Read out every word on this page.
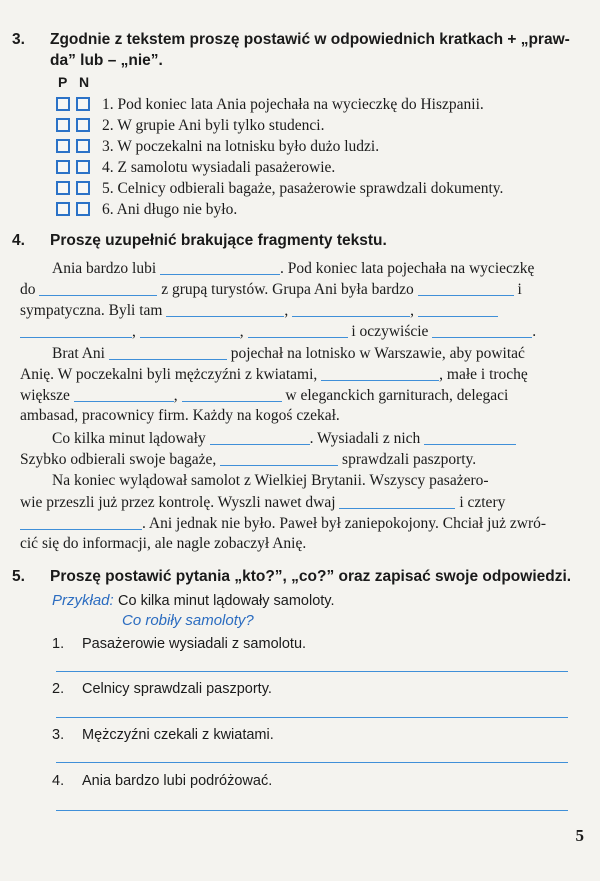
3. Zgodnie z tekstem proszę postawić w odpowiednich kratkach + „praw-
da” lub – „nie”.
P N
1. Pod koniec lata Ania pojechała na wycieczkę do Hiszpanii.
2. W grupie Ani byli tylko studenci.
3. W poczekalni na lotnisku było dużo ludzi.
4. Z samolotu wysiadali pasażerowie.
5. Celnicy odbierali bagaże, pasażerowie sprawdzali dokumenty.
6. Ani długo nie było.
4. Proszę uzupełnić brakujące fragmenty tekstu.
Ania bardzo lubi	. Pod koniec lata pojechała na wycieczkę
do	z grupą turystów. Grupa Ani była bardzo	i
sympatyczna. Byli tam	,	,
,	,	i oczywiście	.
Brat Ani	pojechał na lotnisko w Warszawie, aby powitać
Anię. W poczekalni byli mężczyźni z kwiatami,	, małe i trochę
większe	,	w eleganckich garniturach, delegaci
ambasad, pracownicy firm. Każdy na kogoś czekał.
Co kilka minut lądowały	. Wysiadali z nich
Szybko odbierali swoje bagaże,	sprawdzali paszporty.
Na koniec wylądował samolot z Wielkiej Brytanii. Wszyscy pasażero-
wie przeszli już przez kontrolę. Wyszli nawet dwaj	i cztery
. Ani jednak nie było. Paweł był zaniepokojony. Chciał już zwró-
cić się do informacji, ale nagle zobaczył Anię.
5. Proszę postawić pytania „kto?”, „co?” oraz zapisać swoje odpowiedzi.
Przykład: Co kilka minut lądowały samoloty.
Co robiły samoloty?
1. Pasażerowie wysiadali z samolotu.
2. Celnicy sprawdzali paszporty.
3. Mężczyźni czekali z kwiatami.
4. Ania bardzo lubi podróżować.
5
